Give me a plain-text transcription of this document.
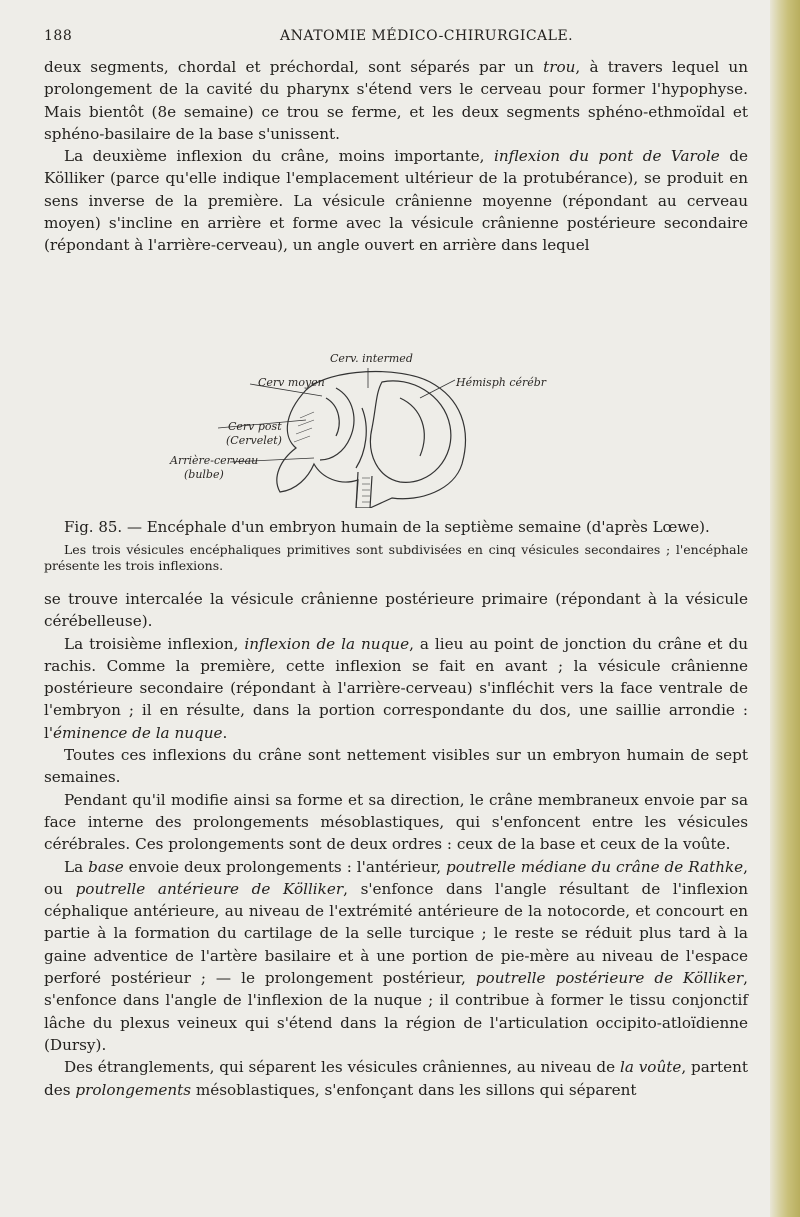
188	ANATOMIE MÉDICO-CHIRURGICALE.

deux segments, chordal et préchordal, sont séparés par un trou, à travers lequel un prolongement de la cavité du pharynx s'étend vers le cerveau pour former l'hypophyse. Mais bientôt (8e semaine) ce trou se ferme, et les deux segments sphéno-ethmoïdal et sphéno-basilaire de la base s'unissent.

La deuxième inflexion du crâne, moins importante, inflexion du pont de Varole de Kölliker (parce qu'elle indique l'emplacement ultérieur de la protubérance), se produit en sens inverse de la première. La vésicule crânienne moyenne (répondant au cerveau moyen) s'incline en arrière et forme avec la vésicule crânienne postérieure secondaire (répondant à l'arrière-cerveau), un angle ouvert en arrière dans lequel

Cerv. intermed
Cerv moyen	Hémisph cérébr
Cerv post
(Cervelet)
Arrière-cerveau
(bulbe)

Fig. 85. — Encéphale d'un embryon humain de la septième semaine (d'après Lœwe).

Les trois vésicules encéphaliques primitives sont subdivisées en cinq vésicules secondaires ; l'encéphale présente les trois inflexions.

se trouve intercalée la vésicule crânienne postérieure primaire (répondant à la vésicule cérébelleuse).

La troisième inflexion, inflexion de la nuque, a lieu au point de jonction du crâne et du rachis. Comme la première, cette inflexion se fait en avant ; la vésicule crânienne postérieure secondaire (répondant à l'arrière-cerveau) s'infléchit vers la face ventrale de l'embryon ; il en résulte, dans la portion correspondante du dos, une saillie arrondie : l'éminence de la nuque.

Toutes ces inflexions du crâne sont nettement visibles sur un embryon humain de sept semaines.

Pendant qu'il modifie ainsi sa forme et sa direction, le crâne membraneux envoie par sa face interne des prolongements mésoblastiques, qui s'enfoncent entre les vésicules cérébrales. Ces prolongements sont de deux ordres : ceux de la base et ceux de la voûte.

La base envoie deux prolongements : l'antérieur, poutrelle médiane du crâne de Rathke, ou poutrelle antérieure de Kölliker, s'enfonce dans l'angle résultant de l'inflexion céphalique antérieure, au niveau de l'extrémité antérieure de la notocorde, et concourt en partie à la formation du cartilage de la selle turcique ; le reste se réduit plus tard à la gaine adventice de l'artère basilaire et à une portion de pie-mère au niveau de l'espace perforé postérieur ; — le prolongement postérieur, poutrelle postérieure de Kölliker, s'enfonce dans l'angle de l'inflexion de la nuque ; il contribue à former le tissu conjonctif lâche du plexus veineux qui s'étend dans la région de l'articulation occipito-atloïdienne (Dursy).

Des étranglements, qui séparent les vésicules crâniennes, au niveau de la voûte, partent des prolongements mésoblastiques, s'enfonçant dans les sillons qui séparent
